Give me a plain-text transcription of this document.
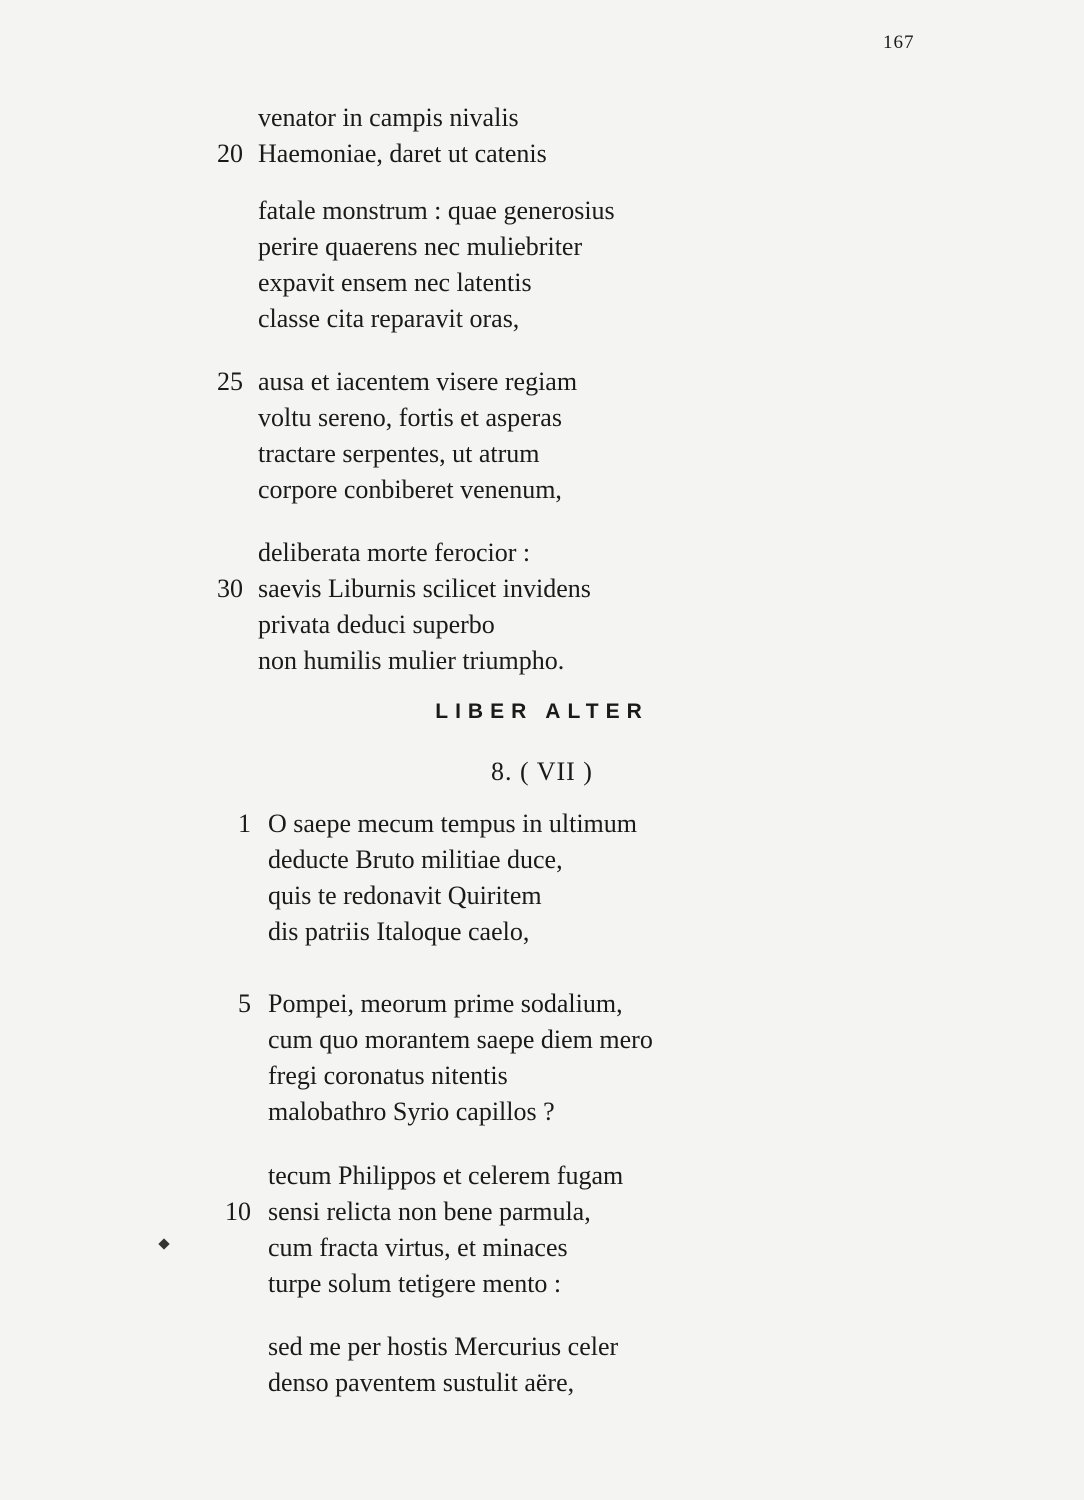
167
venator in campis nivalis
20 Haemoniae, daret ut catenis
fatale monstrum : quae generosius
perire quaerens nec muliebriter
expavit ensem nec latentis
classe cita reparavit oras,
25 ausa et iacentem visere regiam
voltu sereno, fortis et asperas
tractare serpentes, ut atrum
corpore conbiberet venenum,
deliberata morte ferocior :
30 saevis Liburnis scilicet invidens
privata deduci superbo
non humilis mulier triumpho.
LIBER ALTER
8. ( VII )
1 O saepe mecum tempus in ultimum
deducte Bruto militiae duce,
quis te redonavit Quiritem
dis patriis Italoque caelo,
5 Pompei, meorum prime sodalium,
cum quo morantem saepe diem mero
fregi coronatus nitentis
malobathro Syrio capillos ?
tecum Philippos et celerem fugam
10 sensi relicta non bene parmula,
cum fracta virtus, et minaces
turpe solum tetigere mento :
sed me per hostis Mercurius celer
denso paventem sustulit aëre,
